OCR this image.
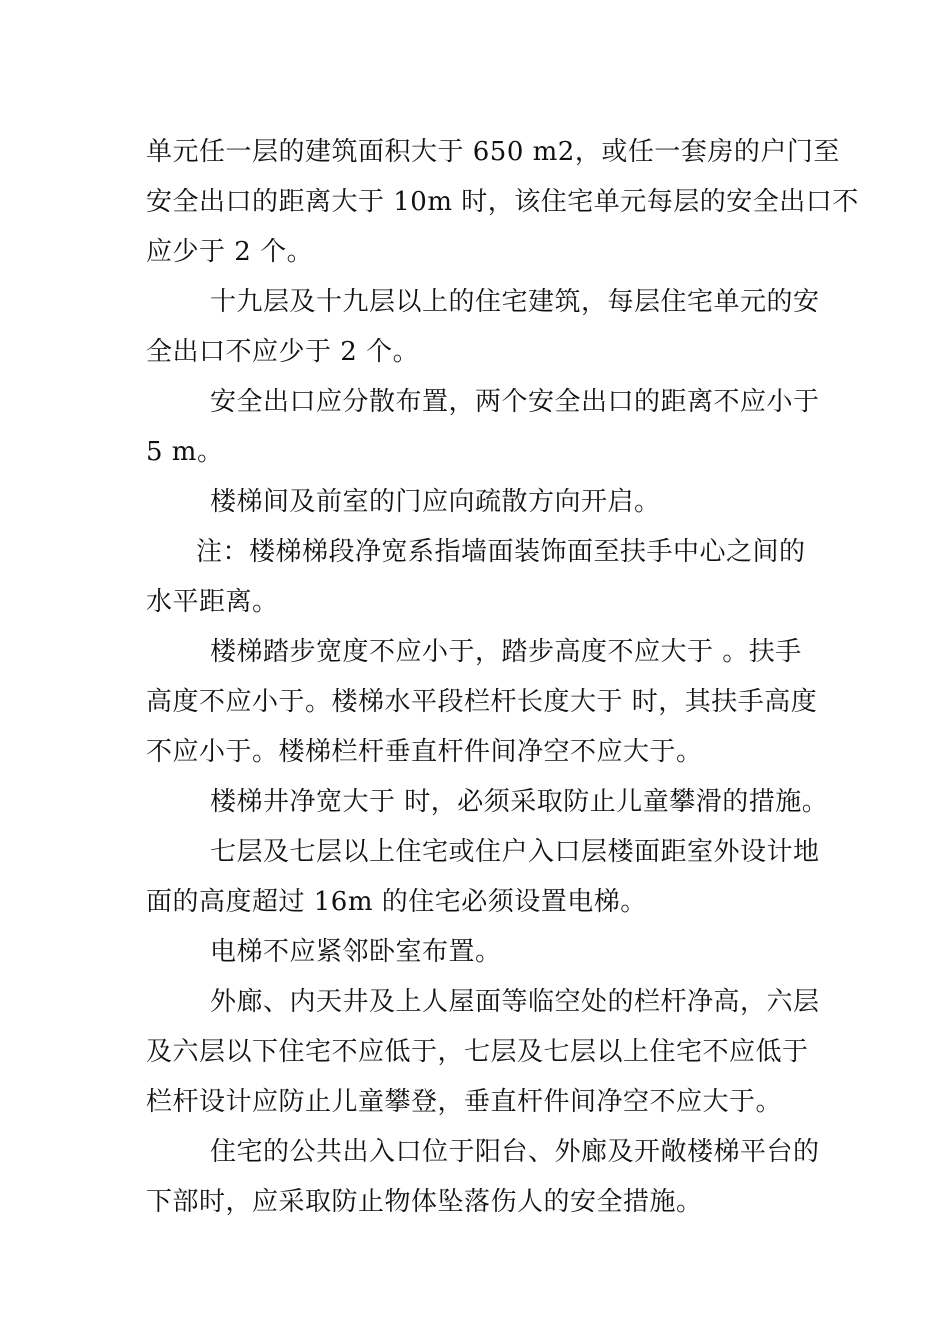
单元任一层的建筑面积大于 650 m2，或任一套房的户门至
安全出口的距离大于 10m 时，该住宅单元每层的安全出口不
应少于 2 个。
十九层及十九层以上的住宅建筑，每层住宅单元的安
全出口不应少于 2 个。
安全出口应分散布置，两个安全出口的距离不应小于
5 m。
楼梯间及前室的门应向疏散方向开启。
注：楼梯梯段净宽系指墙面装饰面至扶手中心之间的
水平距离。
楼梯踏步宽度不应小于，踏步高度不应大于 。扶手
高度不应小于。楼梯水平段栏杆长度大于 时，其扶手高度
不应小于。楼梯栏杆垂直杆件间净空不应大于。
楼梯井净宽大于 时，必须采取防止儿童攀滑的措施。
七层及七层以上住宅或住户入口层楼面距室外设计地
面的高度超过 16m 的住宅必须设置电梯。
电梯不应紧邻卧室布置。
外廊、内天井及上人屋面等临空处的栏杆净高，六层
及六层以下住宅不应低于，七层及七层以上住宅不应低于
栏杆设计应防止儿童攀登，垂直杆件间净空不应大于。
住宅的公共出入口位于阳台、外廊及开敞楼梯平台的
下部时，应采取防止物体坠落伤人的安全措施。
